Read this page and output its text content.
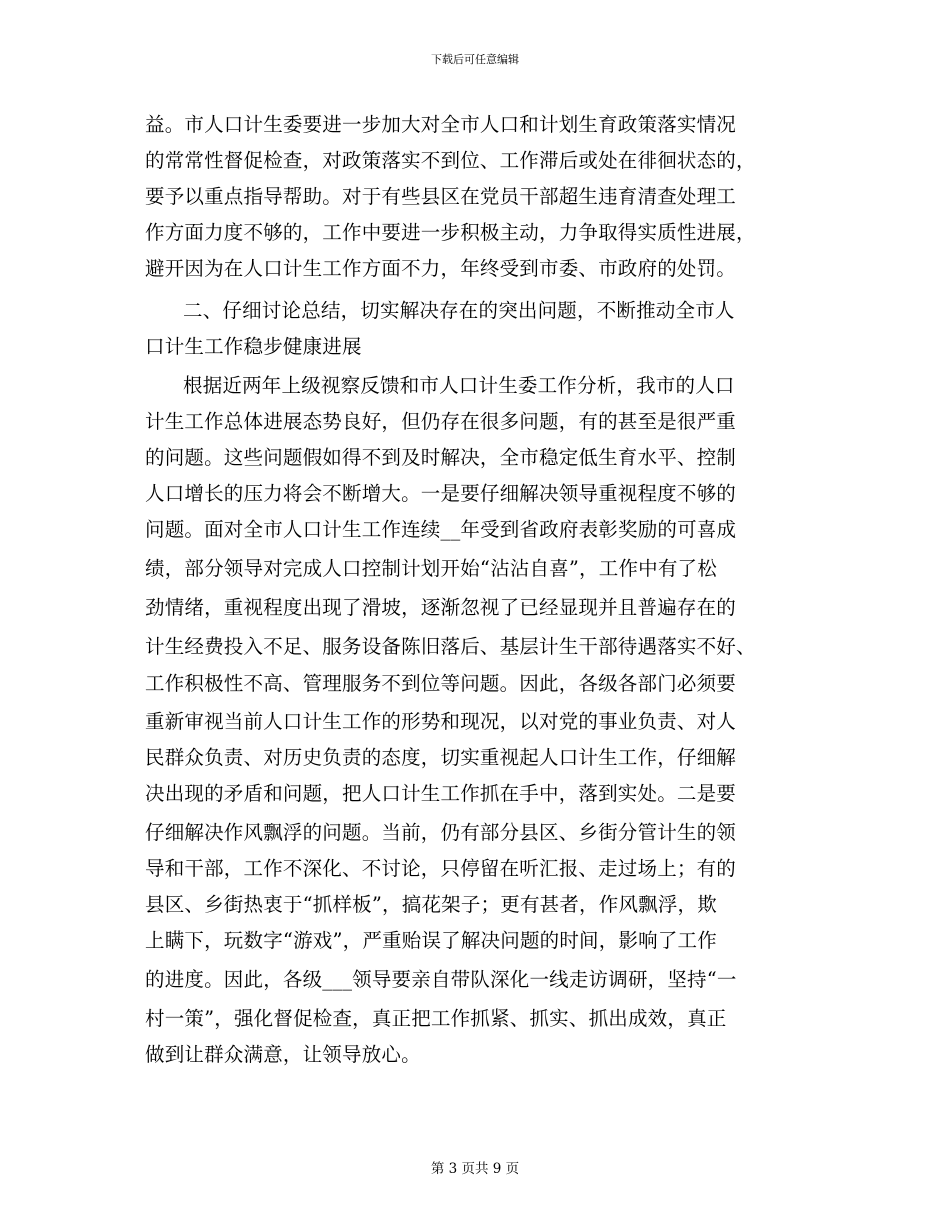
下载后可任意编辑
益。市人口计生委要进一步加大对全市人口和计划生育政策落实情况
的常常性督促检查，对政策落实不到位、工作滞后或处在徘徊状态的，
要予以重点指导帮助。对于有些县区在党员干部超生违育清查处理工
作方面力度不够的，工作中要进一步积极主动，力争取得实质性进展，
避开因为在人口计生工作方面不力，年终受到市委、市政府的处罚。
二、仔细讨论总结，切实解决存在的突出问题，不断推动全市人
口计生工作稳步健康进展
根据近两年上级视察反馈和市人口计生委工作分析，我市的人口
计生工作总体进展态势良好，但仍存在很多问题，有的甚至是很严重
的问题。这些问题假如得不到及时解决，全市稳定低生育水平、控制
人口增长的压力将会不断增大。一是要仔细解决领导重视程度不够的
问题。面对全市人口计生工作连续__年受到省政府表彰奖励的可喜成
绩，部分领导对完成人口控制计划开始“沾沾自喜”，工作中有了松
劲情绪，重视程度出现了滑坡，逐渐忽视了已经显现并且普遍存在的
计生经费投入不足、服务设备陈旧落后、基层计生干部待遇落实不好、
工作积极性不高、管理服务不到位等问题。因此，各级各部门必须要
重新审视当前人口计生工作的形势和现况，以对党的事业负责、对人
民群众负责、对历史负责的态度，切实重视起人口计生工作，仔细解
决出现的矛盾和问题，把人口计生工作抓在手中，落到实处。二是要
仔细解决作风飘浮的问题。当前，仍有部分县区、乡街分管计生的领
导和干部，工作不深化、不讨论，只停留在听汇报、走过场上；有的
县区、乡街热衷于“抓样板”，搞花架子；更有甚者，作风飘浮，欺
上瞒下，玩数字“游戏”，严重贻误了解决问题的时间，影响了工作
的进度。因此，各级___领导要亲自带队深化一线走访调研，坚持“一
村一策”，强化督促检查，真正把工作抓紧、抓实、抓出成效，真正
做到让群众满意，让领导放心。
第 3 页共 9 页
